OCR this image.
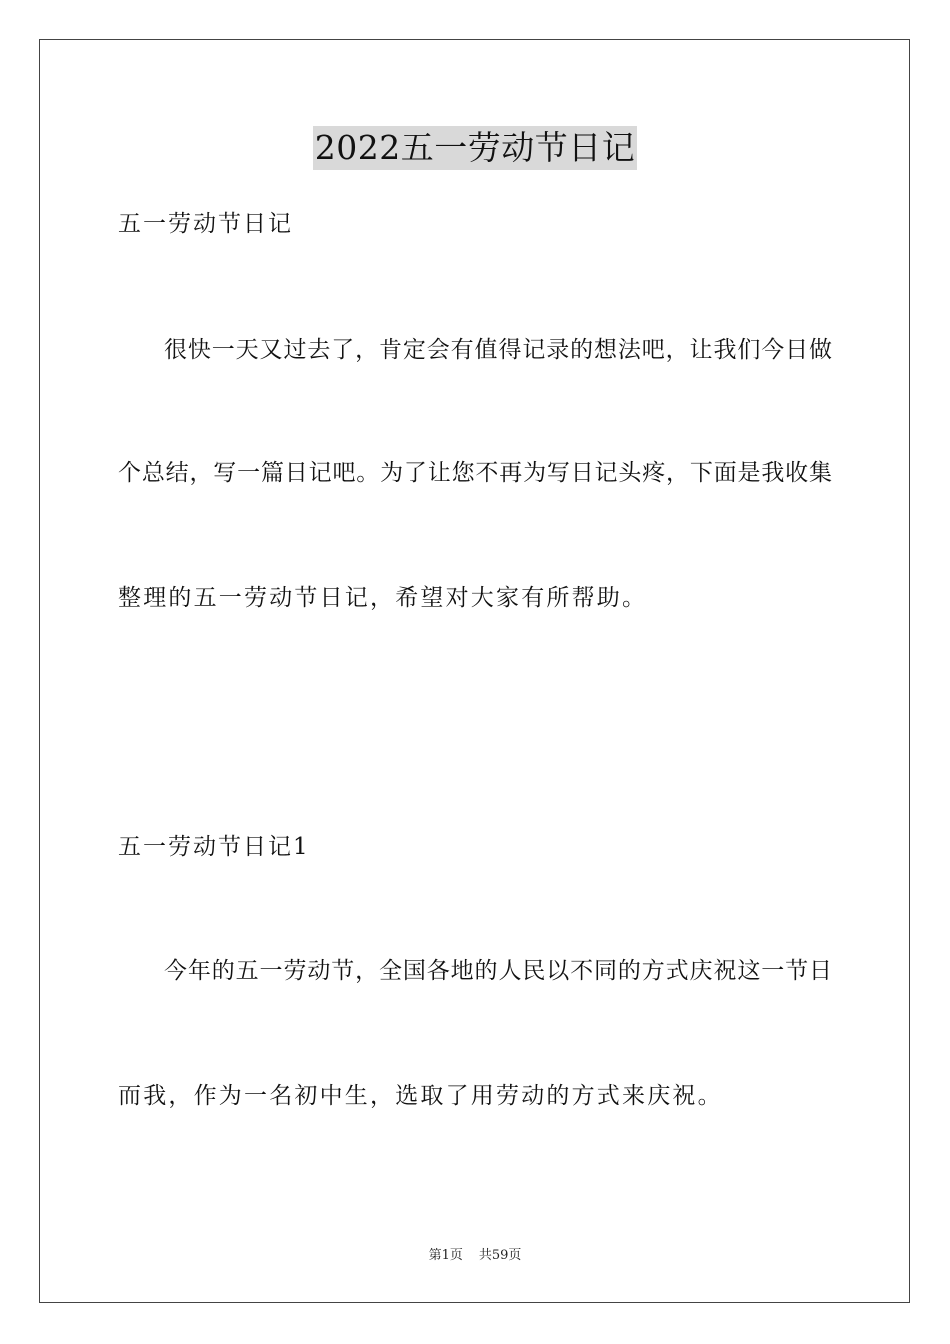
2022五一劳动节日记

五一劳动节日记

很快一天又过去了，肯定会有值得记录的想法吧，让我们今日做

个总结，写一篇日记吧。为了让您不再为写日记头疼，下面是我收集

整理的五一劳动节日记，希望对大家有所帮助。

五一劳动节日记1

今年的五一劳动节，全国各地的人民以不同的方式庆祝这一节日

而我，作为一名初中生，选取了用劳动的方式来庆祝。

第1页 共59页
